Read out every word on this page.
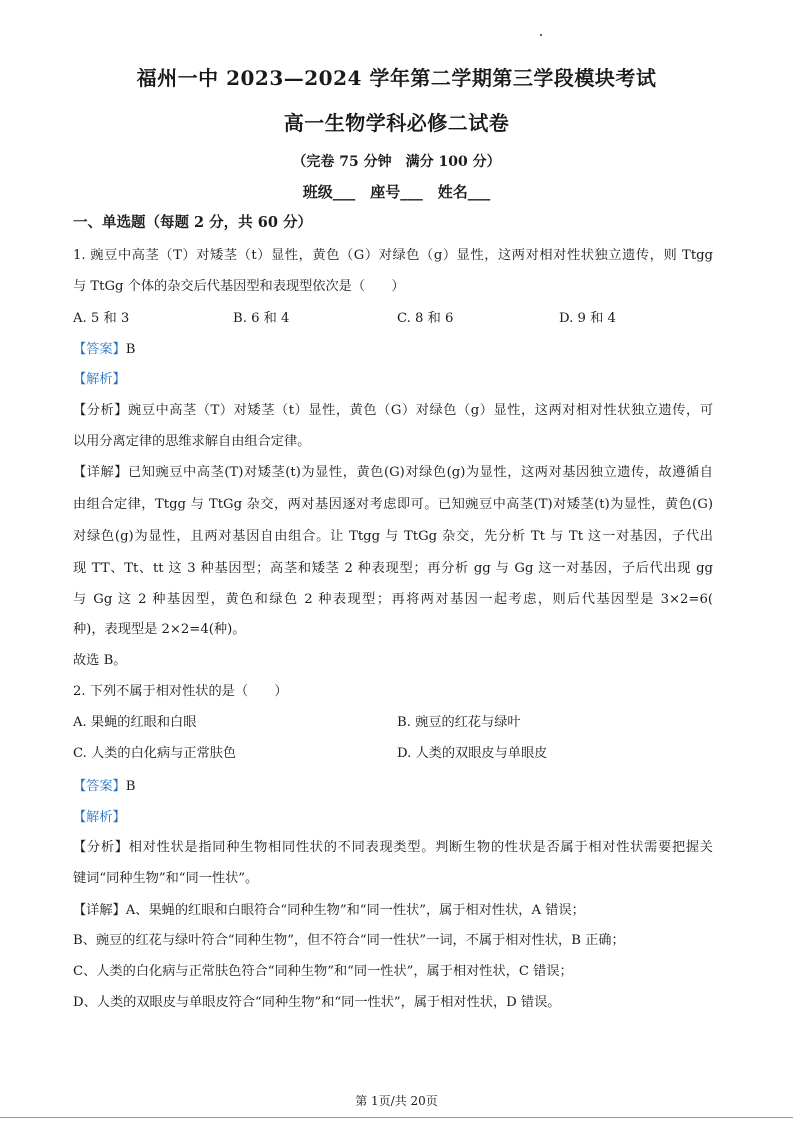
福州一中 2023—2024 学年第二学期第三学段模块考试
高一生物学科必修二试卷
（完卷 75 分钟　满分 100 分）
班级___　座号___　姓名___
一、单选题（每题 2 分，共 60 分）
1. 豌豆中高茎（T）对矮茎（t）显性，黄色（G）对绿色（g）显性，这两对相对性状独立遗传，则 Ttgg
与 TtGg 个体的杂交后代基因型和表现型依次是（　　）
A. 5 和 3	B. 6 和 4	C. 8 和 6	D. 9 和 4
【答案】B
【解析】
【分析】豌豆中高茎（T）对矮茎（t）显性，黄色（G）对绿色（g）显性，这两对相对性状独立遗传，可
以用分离定律的思维求解自由组合定律。
【详解】已知豌豆中高茎(T)对矮茎(t)为显性，黄色(G)对绿色(g)为显性，这两对基因独立遗传，故遵循自
由组合定律，Ttgg 与 TtGg 杂交，两对基因逐对考虑即可。已知豌豆中高茎(T)对矮茎(t)为显性，黄色(G)
对绿色(g)为显性，且两对基因自由组合。让 Ttgg 与 TtGg 杂交，先分析 Tt 与 Tt 这一对基因，子代出
现 TT、Tt、tt 这 3 种基因型；高茎和矮茎 2 种表现型；再分析 gg 与 Gg 这一对基因，子后代出现 gg
与 Gg 这 2 种基因型，黄色和绿色 2 种表现型；再将两对基因一起考虑，则后代基因型是 3×2=6(
种)，表现型是 2×2=4(种)。
故选 B。
2. 下列不属于相对性状的是（　　）
A. 果蝇的红眼和白眼	B. 豌豆的红花与绿叶
C. 人类的白化病与正常肤色	D. 人类的双眼皮与单眼皮
【答案】B
【解析】
【分析】相对性状是指同种生物相同性状的不同表现类型。判断生物的性状是否属于相对性状需要把握关
键词“同种生物”和“同一性状”。
【详解】A、果蝇的红眼和白眼符合“同种生物”和“同一性状”，属于相对性状，A 错误；
B、豌豆的红花与绿叶符合“同种生物”，但不符合“同一性状”一词，不属于相对性状，B 正确；
C、人类的白化病与正常肤色符合“同种生物”和“同一性状”，属于相对性状，C 错误；
D、人类的双眼皮与单眼皮符合“同种生物”和“同一性状”，属于相对性状，D 错误。
第 1页/共 20页
